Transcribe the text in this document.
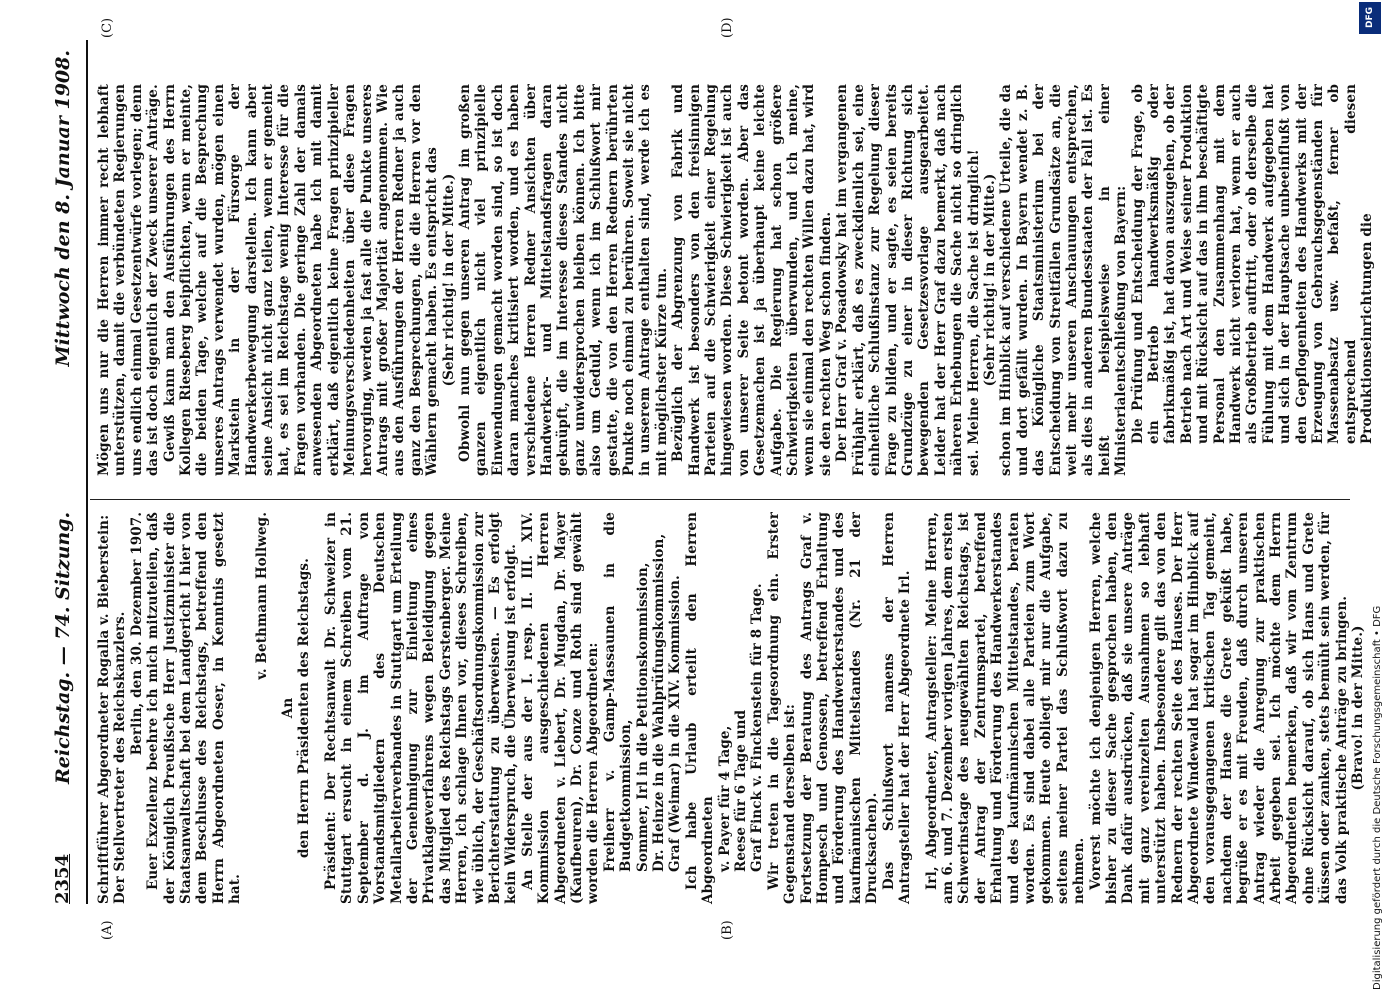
2354
Reichstag. — 74. Sitzung.
Mittwoch den 8. Januar 1908.
(A)	(B)
(C)	(D)

Schriftführer Abgeordneter Rogalla v. Bieberstein: Der Stellvertreter des Reichskanzlers. Berlin, den 30. Dezember 1907. Euer Exzellenz beehre ich mich mitzuteilen, daß der Königlich Preußische Herr Justizminister die Staatsanwaltschaft bei dem Landgericht I hier von dem Beschlusse des Reichstags, betreffend den Herrn Abgeordneten Oeser, in Kenntnis gesetzt hat.

v. Bethmann Hollweg.

An den Herrn Präsidenten des Reichstags. Präsident: Der Rechtsanwalt Dr. Schweizer in Stuttgart ersucht in einem Schreiben vom 21. September d. J. im Auftrage von Vorstandsmitgliedern des Deutschen Metallarbeiterverbandes in Stuttgart um Erteilung der Genehmigung zur Einleitung eines Privatklageverfahrens wegen Beleidigung gegen das Mitglied des Reichstags Gerstenberger. Meine Herren, ich schlage Ihnen vor, dieses Schreiben, wie üblich, der Geschäftsordnungskommission zur Berichterstattung zu überweisen. — Es erfolgt kein Widerspruch, die Überweisung ist erfolgt. An Stelle der aus der I. resp. II. III. XIV. Kommission ausgeschiedenen Herren Abgeordneten v. Liebert, Dr. Mugdan, Dr. Mayer (Kaufbeuren), Dr. Conze und Roth sind gewählt worden die Herren Abgeordneten: Freiherr v. Gamp-Massaunen in die Budgetkommission, Sommer, Irl in die Petitionskommission, Dr. Heinze in die Wahlprüfungskommission, Graf (Weimar) in die XIV. Kommission. Ich habe Urlaub erteilt den Herren Abgeordneten v. Payer für 4 Tage, Reese für 6 Tage und Graf Finck v. Finckenstein für 8 Tage. Wir treten in die Tagesordnung ein. Erster Gegenstand derselben ist: Fortsetzung der Beratung des Antrags Graf v. Hompesch und Genossen, betreffend Erhaltung und Förderung des Handwerkerstandes und des kaufmännischen Mittelstandes (Nr. 21 der Drucksachen). Das Schlußwort namens der Herren Antragsteller hat der Herr Abgeordnete Irl. Irl, Abgeordneter, Antragsteller: Meine Herren, am 6. und 7. Dezember vorigen Jahres, dem ersten Schwerinstage des neugewählten Reichstags, ist der Antrag der Zentrumspartei, betreffend Erhaltung und Förderung des Handwerkerstandes und des kaufmännischen Mittelstandes, beraten worden. Es sind dabei alle Parteien zum Wort gekommen. Heute obliegt mir nur die Aufgabe, seitens meiner Partei das Schlußwort dazu zu nehmen. Vorerst möchte ich denjenigen Herren, welche bisher zu dieser Sache gesprochen haben, den Dank dafür ausdrücken, daß sie unsere Anträge mit ganz vereinzelten Ausnahmen so lebhaft unterstützt haben. Insbesondere gilt das von den Rednern der rechten Seite des Hauses. Der Herr Abgeordnete Windewald hat sogar im Hinblick auf den vorausgegangenen kritischen Tag gemeint, nachdem der Hanse die Grete geküßt habe, begrüße er es mit Freuden, daß durch unseren Antrag wieder die Anregung zur praktischen Arbeit gegeben sei. Ich möchte dem Herrn Abgeordneten bemerken, daß wir vom Zentrum ohne Rücksicht darauf, ob sich Hans und Grete küssen oder zanken, stets bemüht sein werden, für das Volk praktische Anträge zu bringen. (Bravo! in der Mitte.)

Mögen uns nur die Herren immer recht lebhaft unterstützen, damit die verbündeten Regierungen uns endlich einmal Gesetzentwürfe vorlegen; denn das ist doch eigentlich der Zweck unserer Anträge. Gewiß kann man den Ausführungen des Herrn Kollegen Rieseberg beipflichten, wenn er meinte, die beiden Tage, welche auf die Besprechung unseres Antrags verwendet wurden, mögen einen Markstein in der Fürsorge der Handwerkerbewegung darstellen. Ich kann aber seine Ansicht nicht ganz teilen, wenn er gemeint hat, es sei im Reichstage wenig Interesse für die Fragen vorhanden. Die geringe Zahl der damals anwesenden Abgeordneten habe ich mit damit erklärt, daß eigentlich keine Fragen prinzipieller Meinungsverschiedenheiten über diese Fragen hervorging, werden ja fast alle die Punkte unseres Antrags mit großer Majorität angenommen. Wie aus den Ausführungen der Herren Redner ja auch ganz den Besprechungen, die die Herren vor den Wählern gemacht haben. Es entspricht das (Sehr richtig! in der Mitte.) Obwohl nun gegen unseren Antrag im großen ganzen eigentlich nicht viel prinzipielle Einwendungen gemacht worden sind, so ist doch daran manches kritisiert worden, und es haben verschiedene Herren Redner Ansichten über Handwerker- und Mittelstandsfragen daran geknüpft, die im Interesse dieses Standes nicht ganz unwidersprochen bleiben können. Ich bitte also um Geduld, wenn ich im Schlußwort mir gestatte, die von den Herren Rednern berührten Punkte noch einmal zu berühren. Soweit sie nicht in unserem Antrage enthalten sind, werde ich es mit möglichster Kürze tun. Bezüglich der Abgrenzung von Fabrik und Handwerk ist besonders von den freisinnigen Parteien auf die Schwierigkeit einer Regelung hingewiesen worden. Diese Schwierigkeit ist auch von unserer Seite betont worden. Aber das Gesetzemachen ist ja überhaupt keine leichte Aufgabe. Die Regierung hat schon größere Schwierigkeiten überwunden, und ich meine, wenn sie einmal den rechten Willen dazu hat, wird sie den rechten Weg schon finden. Der Herr Graf v. Posadowsky hat im vergangenen Frühjahr erklärt, daß es zweckdienlich sei, eine einheitliche Schlußinstanz zur Regelung dieser Frage zu bilden, und er sagte, es seien bereits Grundzüge zu einer in dieser Richtung sich bewegenden Gesetzesvorlage ausgearbeitet. Leider hat der Herr Graf dazu bemerkt, daß nach näheren Erhebungen die Sache nicht so dringlich sei. Meine Herren, die Sache ist dringlich! (Sehr richtig! in der Mitte.) schon im Hinblick auf verschiedene Urteile, die da und dort gefällt wurden. In Bayern wendet z. B. das Königliche Staatsministerium bei der Entscheidung von Streitfällen Grundsätze an, die weit mehr unseren Anschauungen entsprechen, als dies in anderen Bundesstaaten der Fall ist. Es heißt beispielsweise in einer Ministerialentschließung von Bayern: Die Prüfung und Entscheidung der Frage, ob ein Betrieb handwerksmäßig oder fabrikmäßig ist, hat davon auszugehen, ob der Betrieb nach Art und Weise seiner Produktion und mit Rücksicht auf das in ihm beschäftigte Personal den Zusammenhang mit dem Handwerk nicht verloren hat, wenn er auch als Großbetrieb auftritt, oder ob derselbe die Fühlung mit dem Handwerk aufgegeben hat und sich in der Hauptsache unbeeinflußt von den Gepflogenheiten des Handwerks mit der Erzeugung von Gebrauchsgegenständen für Massenabsatz usw. befaßt, ferner ob entsprechend diesen Produktionseinrichtungen die

DFG
Digitalisierung gefördert durch die Deutsche Forschungsgemeinschaft • DFG
